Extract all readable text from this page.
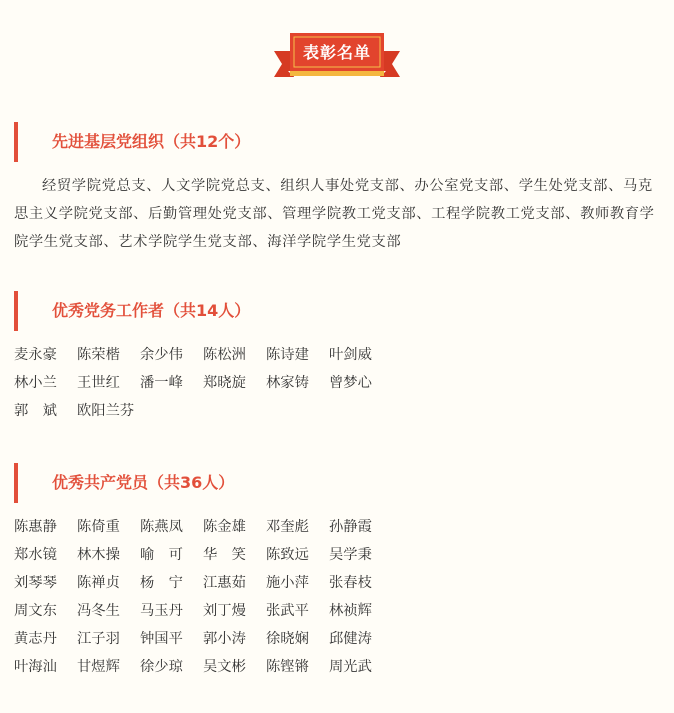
表彰名单
先进基层党组织（共12个）
经贸学院党总支、人文学院党总支、组织人事处党支部、办公室党支部、学生处党支部、马克思主义学院党支部、后勤管理处党支部、管理学院教工党支部、工程学院教工党支部、教师教育学院学生党支部、艺术学院学生党支部、海洋学院学生党支部
优秀党务工作者（共14人）
麦永豪 陈荣楷 余少伟 陈松洲 陈诗建 叶剑威
林小兰 王世红 潘一峰 郑晓旋 林家铸 曾梦心
郭　斌 欧阳兰芬
优秀共产党员（共36人）
陈惠静 陈倚重 陈燕凤 陈金雄 邓奎彪 孙静霞
郑水镜 林木操 喻　可 华　笑 陈致远 吴学秉
刘琴琴 陈禅贞 杨　宁 江惠茹 施小萍 张春枝
周文东 冯冬生 马玉丹 刘丁熳 张武平 林祯辉
黄志丹 江子羽 钟国平 郭小涛 徐晓娴 邱健涛
叶海汕 甘煜辉 徐少琼 吴文彬 陈铿锵 周光武
